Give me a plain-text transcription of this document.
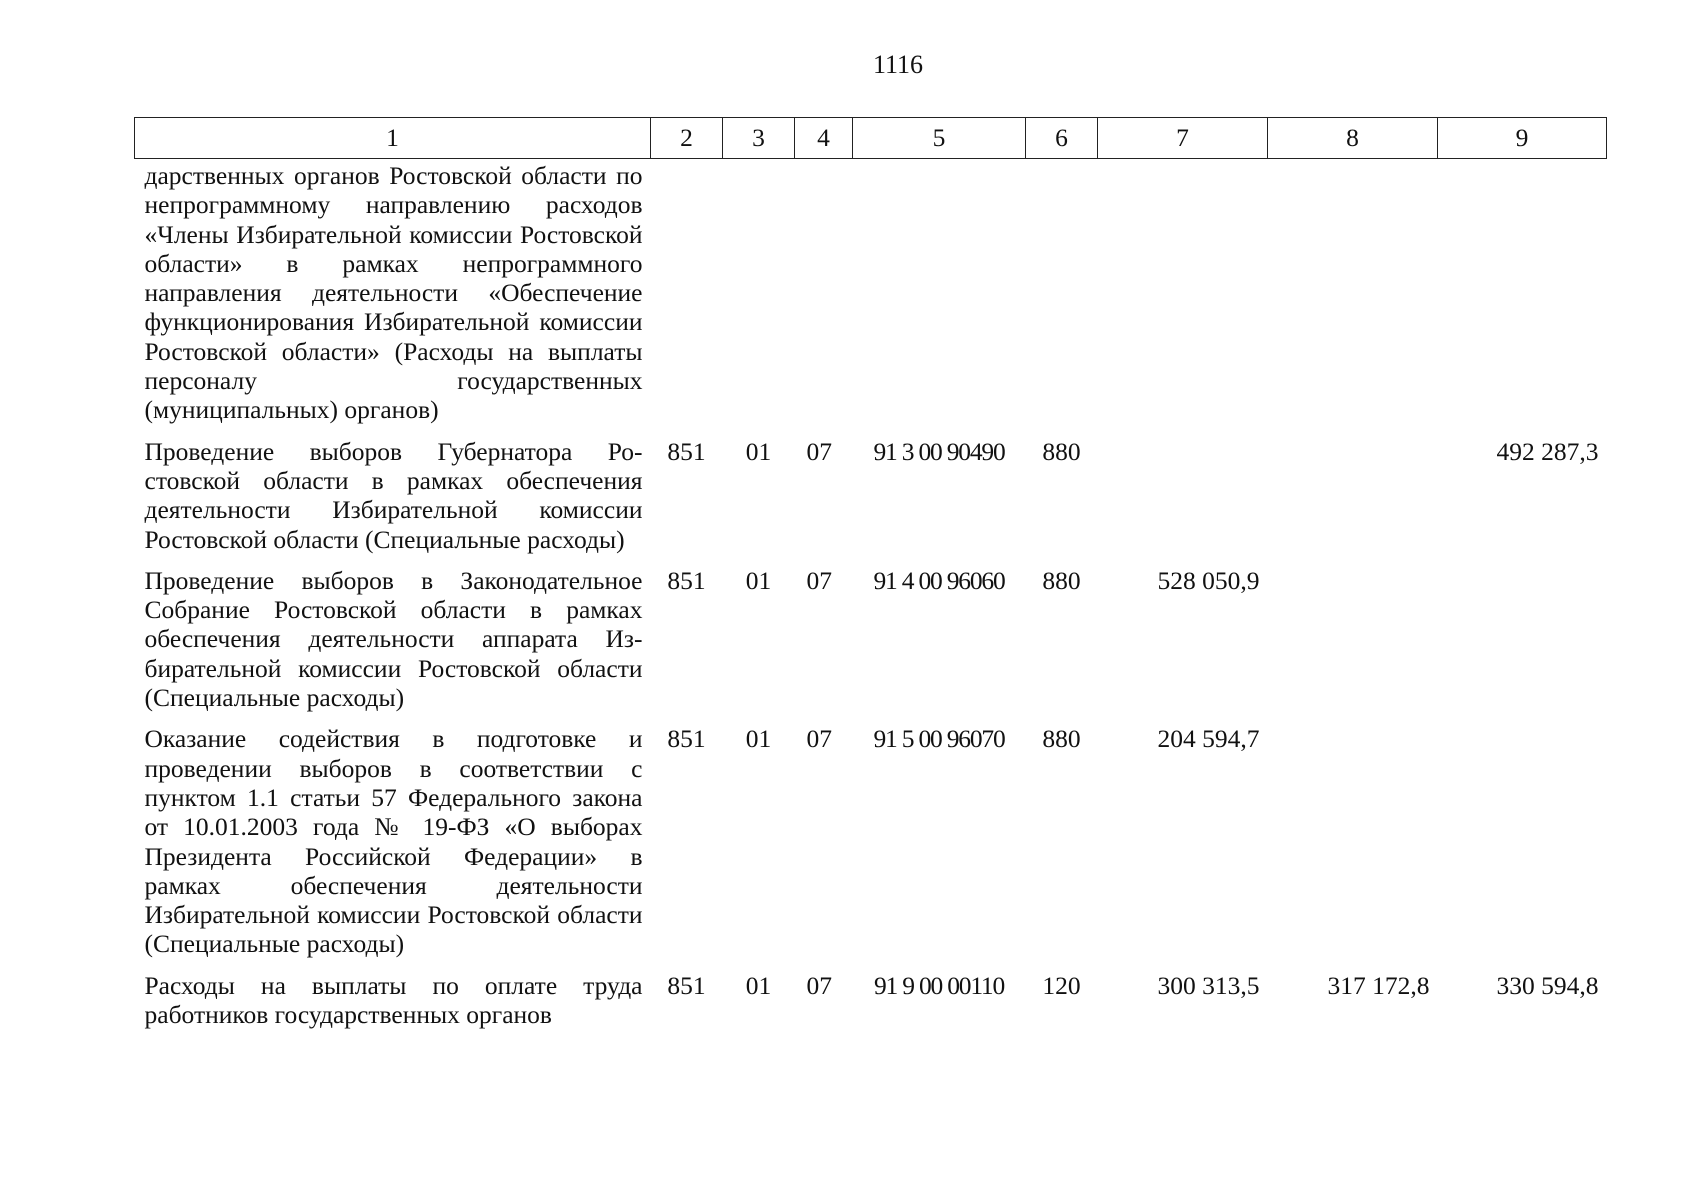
1116
1	2	3	4	5	6	7	8	9
дарственных органов Ростовской области по непрограммному направлению расходов «Члены Избирательной комиссии Ростовской области» в рамках непрограммного направления деятельности «Обеспечение функционирования Избирательной комиссии Ростовской области» (Расходы на выплаты персоналу государственных (муниципальных) органов)								
Проведение выборов Губернатора Ростовской области в рамках обеспечения деятельности Избирательной комиссии Ростовской области (Специальные расходы)	851	01	07	91 3 00 90490	880			492 287,3
Проведение выборов в Законодательное Собрание Ростовской области в рамках обеспечения деятельности аппарата Избирательной комиссии Ростовской области (Специальные расходы)	851	01	07	91 4 00 96060	880	528 050,9		
Оказание содействия в подготовке и проведении выборов в соответствии с пунктом 1.1 статьи 57 Федерального закона от 10.01.2003 года № 19-ФЗ «О выборах Президента Российской Федерации» в рамках обеспечения деятельности Избирательной комиссии Ростовской области (Специальные расходы)	851	01	07	91 5 00 96070	880	204 594,7		
Расходы на выплаты по оплате труда работников государственных органов	851	01	07	91 9 00 00110	120	300 313,5	317 172,8	330 594,8
